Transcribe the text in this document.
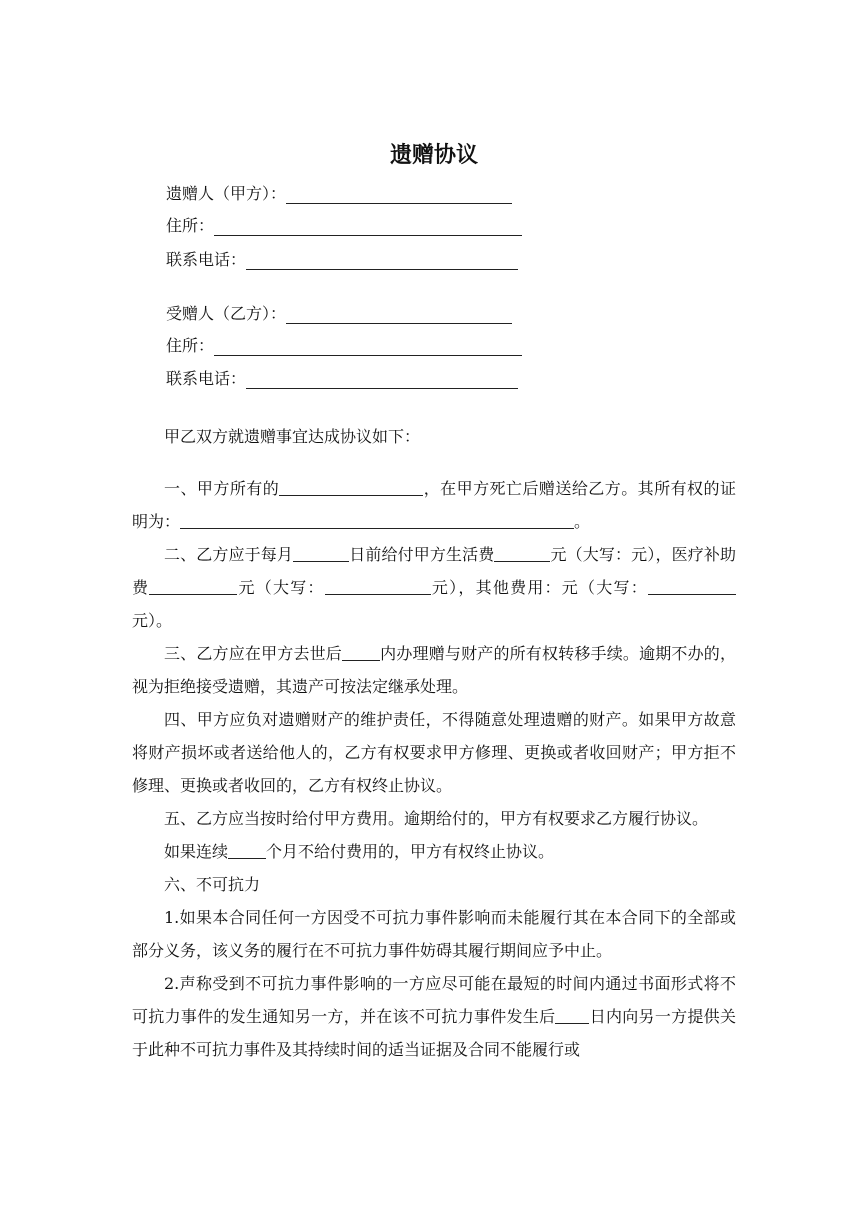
遗赠协议
遗赠人（甲方）：
住所：
联系电话：
受赠人（乙方）：
住所：
联系电话：

甲乙双方就遗赠事宜达成协议如下：

一、甲方所有的	，在甲方死亡后赠送给乙方。其所有权的证明为：	。

二、乙方应于每月	日前给付甲方生活费	元（大写：元），医疗补助费	元（大写：	元），其他费用：元（大写：元）。

三、乙方应在甲方去世后 内办理赠与财产的所有权转移手续。逾期不办的，视为拒绝接受遗赠，其遗产可按法定继承处理。

四、甲方应负对遗赠财产的维护责任，不得随意处理遗赠的财产。如果甲方故意将财产损坏或者送给他人的，乙方有权要求甲方修理、更换或者收回财产；甲方拒不修理、更换或者收回的，乙方有权终止协议。

五、乙方应当按时给付甲方费用。逾期给付的，甲方有权要求乙方履行协议。

如果连续 个月不给付费用的，甲方有权终止协议。

六、不可抗力

1.如果本合同任何一方因受不可抗力事件影响而未能履行其在本合同下的全部或部分义务，该义务的履行在不可抗力事件妨碍其履行期间应予中止。

2.声称受到不可抗力事件影响的一方应尽可能在最短的时间内通过书面形式将不可抗力事件的发生通知另一方，并在该不可抗力事件发生后 日内向另一方提供关于此种不可抗力事件及其持续时间的适当证据及合同不能履行或
